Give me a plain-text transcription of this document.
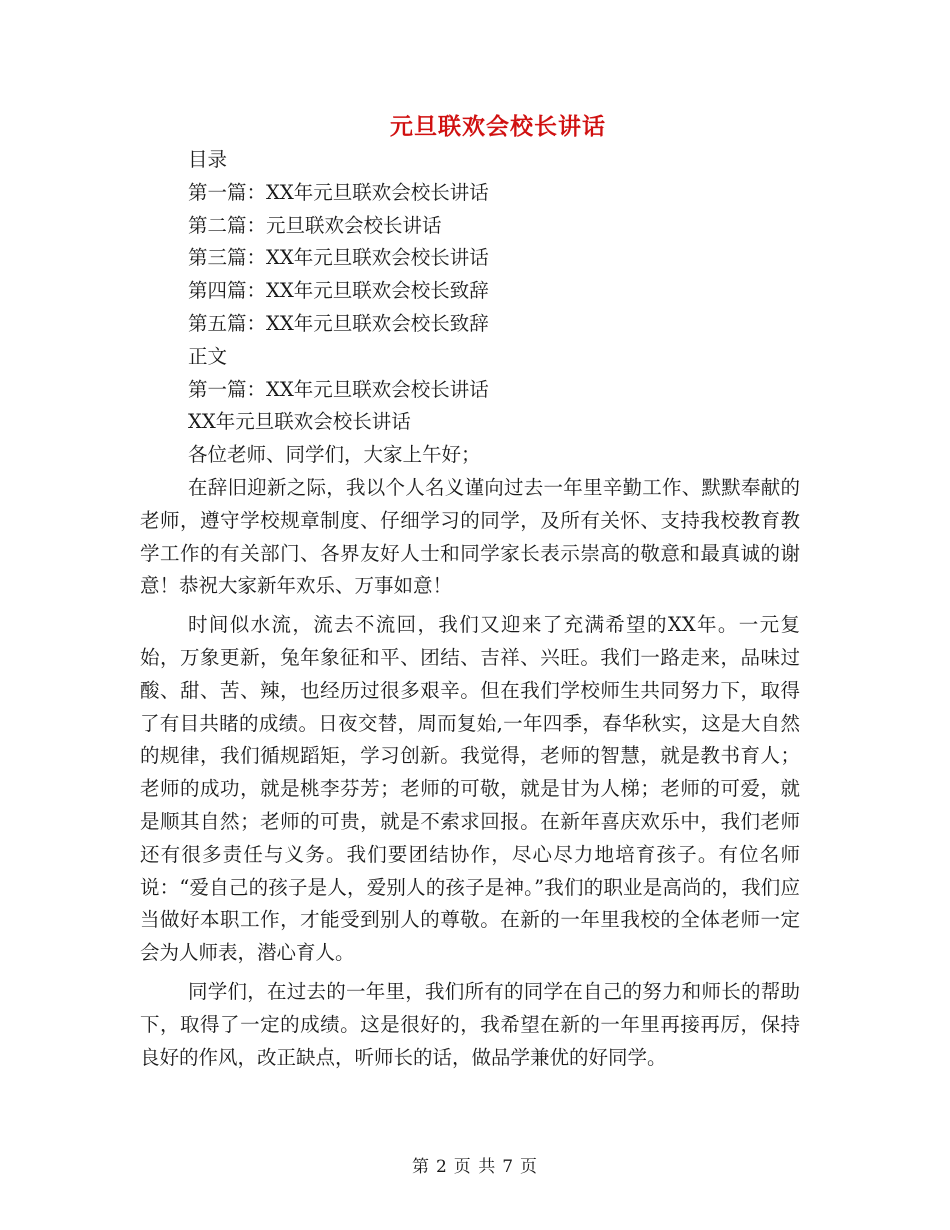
元旦联欢会校长讲话
目录
第一篇：XX年元旦联欢会校长讲话
第二篇：元旦联欢会校长讲话
第三篇：XX年元旦联欢会校长讲话
第四篇：XX年元旦联欢会校长致辞
第五篇：XX年元旦联欢会校长致辞
正文
第一篇：XX年元旦联欢会校长讲话
XX年元旦联欢会校长讲话
各位老师、同学们，大家上午好；

在辞旧迎新之际，我以个人名义谨向过去一年里辛勤工作、默默奉献的老师，遵守学校规章制度、仔细学习的同学，及所有关怀、支持我校教育教学工作的有关部门、各界友好人士和同学家长表示崇高的敬意和最真诚的谢意！恭祝大家新年欢乐、万事如意！

时间似水流，流去不流回，我们又迎来了充满希望的XX年。一元复始，万象更新，兔年象征和平、团结、吉祥、兴旺。我们一路走来，品味过酸、甜、苦、辣，也经历过很多艰辛。但在我们学校师生共同努力下，取得了有目共睹的成绩。日夜交替，周而复始,一年四季，春华秋实，这是大自然的规律，我们循规蹈矩，学习创新。我觉得，老师的智慧，就是教书育人；老师的成功，就是桃李芬芳；老师的可敬，就是甘为人梯；老师的可爱，就是顺其自然；老师的可贵，就是不索求回报。在新年喜庆欢乐中，我们老师还有很多责任与义务。我们要团结协作，尽心尽力地培育孩子。有位名师说：“爱自己的孩子是人，爱别人的孩子是神。”我们的职业是高尚的，我们应当做好本职工作，才能受到别人的尊敬。在新的一年里我校的全体老师一定会为人师表，潜心育人。

同学们，在过去的一年里，我们所有的同学在自己的努力和师长的帮助下，取得了一定的成绩。这是很好的，我希望在新的一年里再接再厉，保持良好的作风，改正缺点，听师长的话，做品学兼优的好同学。

第 2 页 共 7 页
